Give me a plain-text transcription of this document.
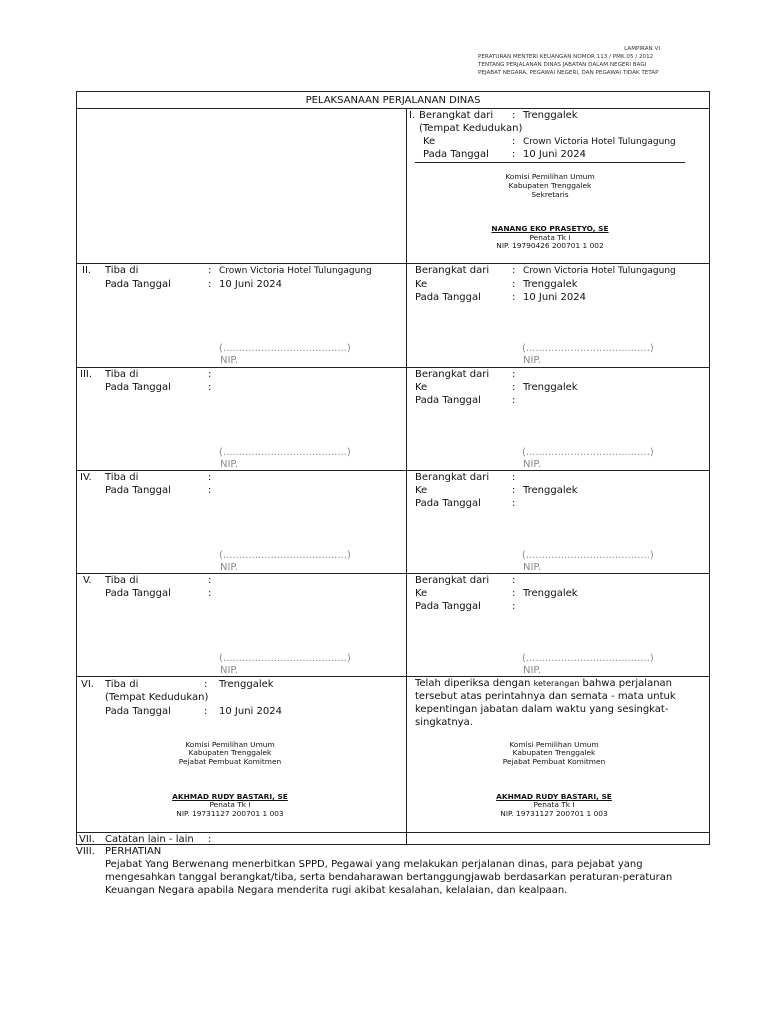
LAMPIRAN VI
PERATURAN MENTERI KEUANGAN NOMOR 113 / PMK.05 / 2012
TENTANG PERJALANAN DINAS JABATAN DALAM NEGERI BAGI
PEJABAT NEGARA, PEGAWAI NEGERI, DAN PEGAWAI TIDAK TETAP
PELAKSANAAN PERJALANAN DINAS
I. Berangkat dari : Trenggalek
(Tempat Kedudukan)
Ke	: Crown Victoria Hotel Tulungagung
Pada Tanggal : 10 Juni 2024
Komisi Pemilihan Umum
Kabupaten Trenggalek
Sekretaris
NANANG EKO PRASETYO, SE
Penata Tk I
NIP. 19790426 200701 1 002
II. Tiba di	: Crown Victoria Hotel Tulungagung
Pada Tanggal	: 10 Juni 2024
(.......................................)
NIP.
Berangkat dari : Crown Victoria Hotel Tulungagung
Ke	: Trenggalek
Pada Tanggal	: 10 Juni 2024
(.......................................)
NIP.
III. Tiba di	:
Pada Tanggal	:
(.......................................)
NIP.
Berangkat dari :
Ke	: Trenggalek
Pada Tanggal	:
(.......................................)
NIP.
IV. Tiba di	:
Pada Tanggal	:
(.......................................)
NIP.
Berangkat dari :
Ke	: Trenggalek
Pada Tanggal	:
(.......................................)
NIP.
V. Tiba di	:
Pada Tanggal	:
(.......................................)
NIP.
Berangkat dari :
Ke	: Trenggalek
Pada Tanggal	:
(.......................................)
NIP.
VI. Tiba di	: Trenggalek
(Tempat Kedudukan)
Pada Tanggal	: 10 Juni 2024
Komisi Pemilihan Umum
Kabupaten Trenggalek
Pejabat Pembuat Komitmen
AKHMAD RUDY BASTARI, SE
Penata Tk I
NIP. 19731127 200701 1 003
Telah diperiksa dengan keterangan bahwa perjalanan tersebut atas perintahnya dan semata - mata untuk kepentingan jabatan dalam waktu yang sesingkat-singkatnya.
Komisi Pemilihan Umum
Kabupaten Trenggalek
Pejabat Pembuat Komitmen
AKHMAD RUDY BASTARI, SE
Penata Tk I
NIP. 19731127 200701 1 003
VII. Catatan lain - lain :
VIII. PERHATIAN
Pejabat Yang Berwenang menerbitkan SPPD, Pegawai yang melakukan perjalanan dinas, para pejabat yang mengesahkan tanggal berangkat/tiba, serta bendaharawan bertanggungjawab berdasarkan peraturan-peraturan Keuangan Negara apabila Negara menderita rugi akibat kesalahan, kelalaian, dan kealpaan.
